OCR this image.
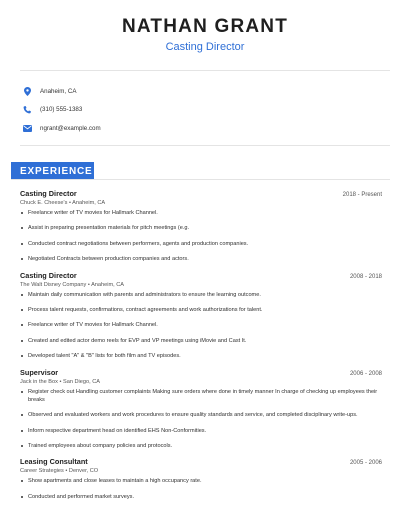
NATHAN GRANT
Casting Director
Anaheim, CA
(310) 555-1383
ngrant@example.com
EXPERIENCE
Casting Director	2018 - Present
Chuck E. Cheese's • Anaheim, CA
Freelance writer of TV movies for Hallmark Channel.
Assist in preparing presentation materials for pitch meetings (e.g.
Conducted contract negotiations between performers, agents and production companies.
Negotiated Contracts between production companies and actors.
Casting Director	2008 - 2018
The Walt Disney Company • Anaheim, CA
Maintain daily communication with parents and administrators to ensure the learning outcome.
Process talent requests, confirmations, contract agreements and work authorizations for talent.
Freelance writer of TV movies for Hallmark Channel.
Created and edited actor demo reels for EVP and VP meetings using iMovie and Cast It.
Developed talent "A" & "B" lists for both film and TV episodes.
Supervisor	2006 - 2008
Jack in the Box • San Diego, CA
Register check out Handling customer complaints Making sure orders where done in timely manner In charge of checking up employees their breaks
Observed and evaluated workers and work procedures to ensure quality standards and service, and completed disciplinary write-ups.
Inform respective department head on identified EHS Non-Conformities.
Trained employees about company policies and protocols.
Leasing Consultant	2005 - 2006
Career Strategies • Denver, CO
Show apartments and close leases to maintain a high occupancy rate.
Conducted and performed market surveys.
